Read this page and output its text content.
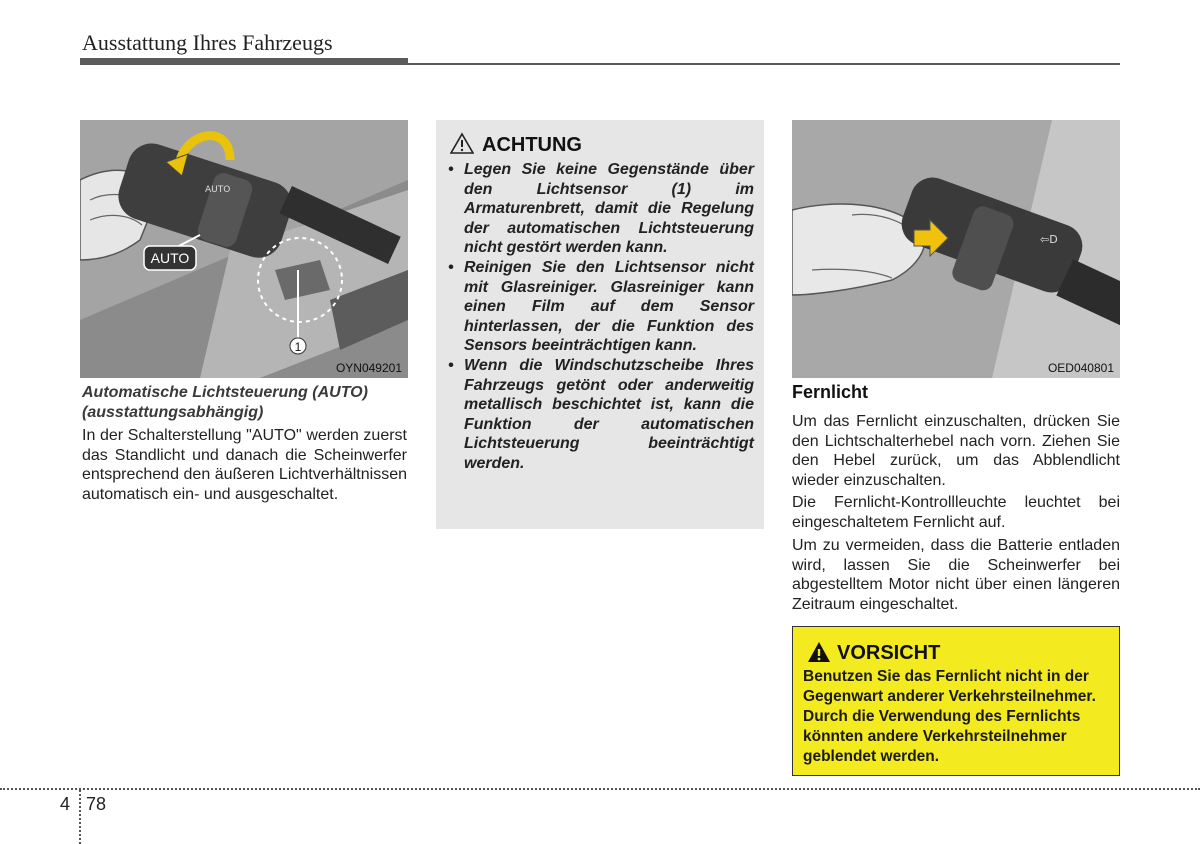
Ausstattung Ihres Fahrzeugs
AUTO
AUTO
1
OYN049201
Automatische Lichtsteuerung (AUTO)
(ausstattungsabhängig)
In der Schalterstellung "AUTO" werden zuerst das Standlicht und danach die Scheinwerfer entsprechend den äußeren Lichtverhältnissen automatisch ein- und ausgeschaltet.
ACHTUNG
• Legen Sie keine Gegenstände über den Lichtsensor (1) im Armaturenbrett, damit die Regelung der automatischen Lichtsteuerung nicht gestört werden kann.
• Reinigen Sie den Lichtsensor nicht mit Glasreiniger. Glasreiniger kann einen Film auf dem Sensor hinterlassen, der die Funktion des Sensors beeinträchtigen kann.
• Wenn die Windschutzscheibe Ihres Fahrzeugs getönt oder anderweitig metallisch beschichtet ist, kann die Funktion der automatischen Lichtsteuerung beeinträchtigt werden.
⇦D
OED040801
Fernlicht
Um das Fernlicht einzuschalten, drücken Sie den Lichtschalterhebel nach vorn. Ziehen Sie den Hebel zurück, um das Abblendlicht wieder einzuschalten.
Die Fernlicht-Kontrollleuchte leuchtet bei eingeschaltetem Fernlicht auf.
Um zu vermeiden, dass die Batterie entladen wird, lassen Sie die Scheinwerfer bei abgestelltem Motor nicht über einen längeren Zeitraum eingeschaltet.
VORSICHT
Benutzen Sie das Fernlicht nicht in der Gegenwart anderer Verkehrsteilnehmer. Durch die Verwendung des Fernlichts könnten andere Verkehrsteilnehmer geblendet werden.
4 78
